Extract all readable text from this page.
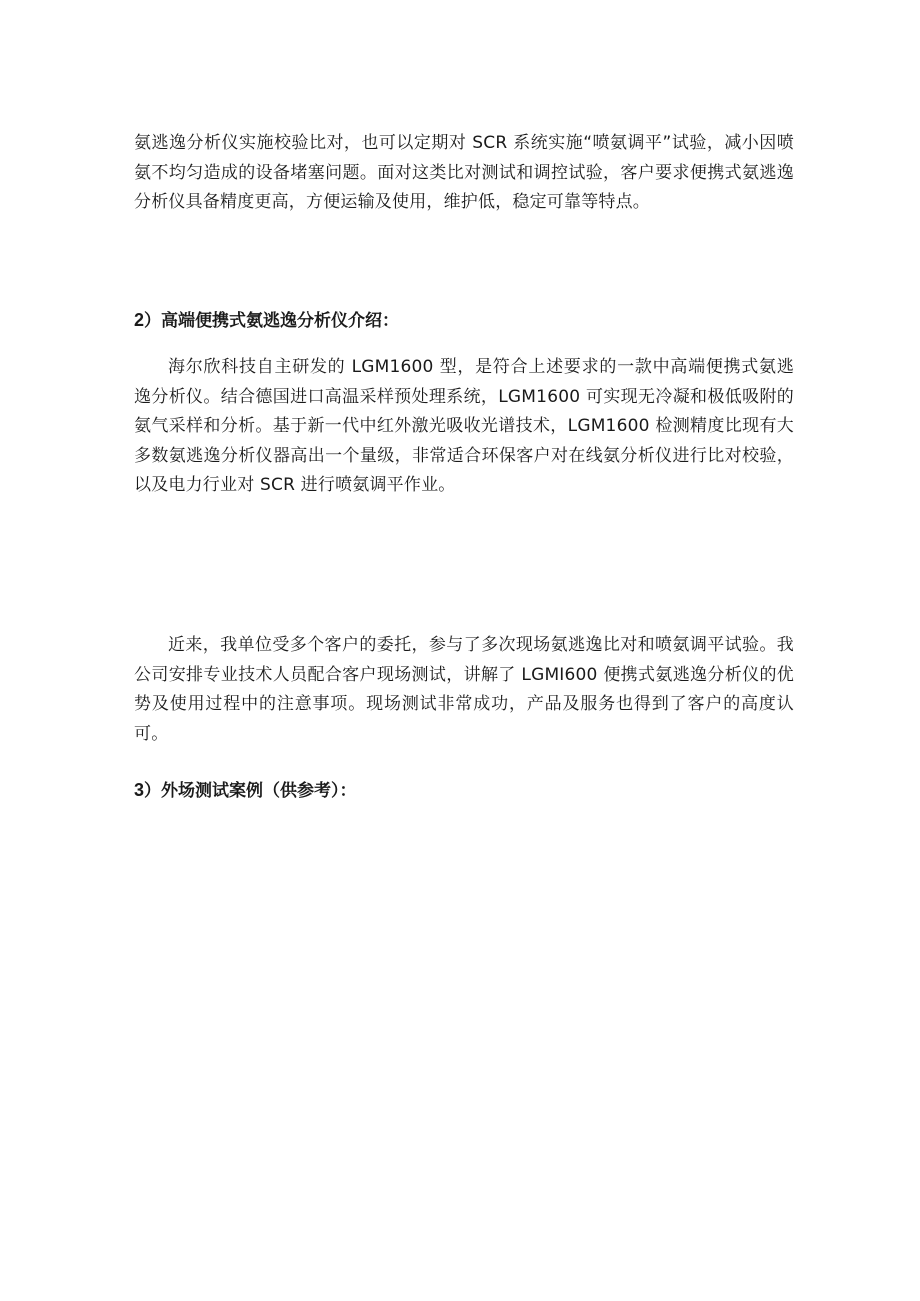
氨逃逸分析仪实施校验比对，也可以定期对 SCR 系统实施“喷氨调平”试验，减小因喷氨不均匀造成的设备堵塞问题。面对这类比对测试和调控试验，客户要求便携式氨逃逸分析仪具备精度更高，方便运输及使用，维护低，稳定可靠等特点。

2）高端便携式氨逃逸分析仪介绍：

海尔欣科技自主研发的 LGM1600 型，是符合上述要求的一款中高端便携式氨逃逸分析仪。结合德国进口高温采样预处理系统，LGM1600 可实现无冷凝和极低吸附的氨气采样和分析。基于新一代中红外激光吸收光谱技术，LGM1600 检测精度比现有大多数氨逃逸分析仪器高出一个量级，非常适合环保客户对在线氨分析仪进行比对校验，以及电力行业对 SCR 进行喷氨调平作业。

近来，我单位受多个客户的委托，参与了多次现场氨逃逸比对和喷氨调平试验。我公司安排专业技术人员配合客户现场测试，讲解了 LGMI600 便携式氨逃逸分析仪的优势及使用过程中的注意事项。现场测试非常成功，产品及服务也得到了客户的高度认可。

3）外场测试案例（供参考）：
